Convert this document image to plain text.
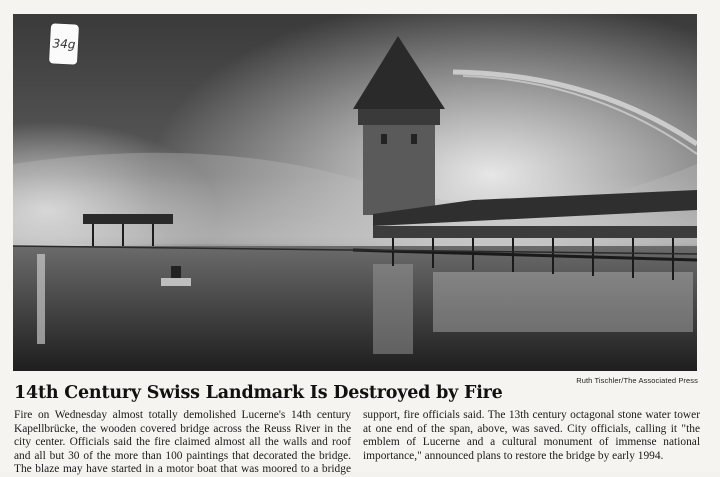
34g
Ruth Tischler/The Associated Press
14th Century Swiss Landmark Is Destroyed by Fire
Fire on Wednesday almost totally demolished Lucerne's 14th century Kapellbrücke, the wooden covered bridge across the Reuss River in the city center. Officials said the fire claimed almost all the walls and roof and all but 30 of the more than 100 paintings that decorated the bridge. The blaze may have started in a motor boat that was moored to a bridge support, fire officials said. The 13th century octagonal stone water tower at one end of the span, above, was saved. City officials, calling it "the emblem of Lucerne and a cultural monument of immense national importance," announced plans to restore the bridge by early 1994.
